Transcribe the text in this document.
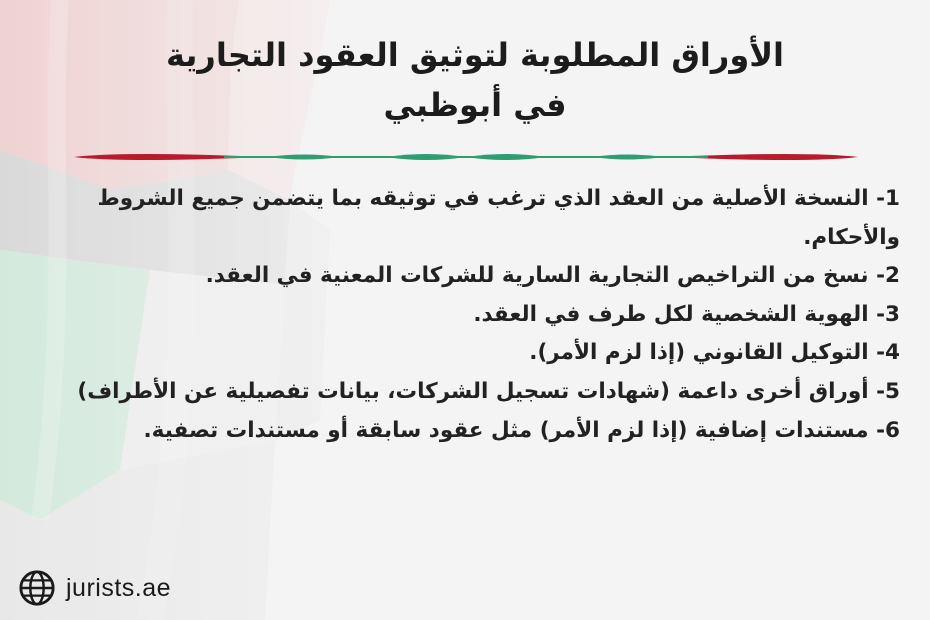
الأوراق المطلوبة لتوثيق العقود التجارية
في أبوظبي

1- النسخة الأصلية من العقد الذي ترغب في توثيقه بما يتضمن جميع الشروط والأحكام.

2- نسخ من التراخيص التجارية السارية للشركات المعنية في العقد.

3- الهوية الشخصية لكل طرف في العقد.

4- التوكيل القانوني (إذا لزم الأمر).

5- أوراق أخرى داعمة (شهادات تسجيل الشركات، بيانات تفصيلية عن الأطراف)

6- مستندات إضافية (إذا لزم الأمر) مثل عقود سابقة أو مستندات تصفية.

jurists.ae
